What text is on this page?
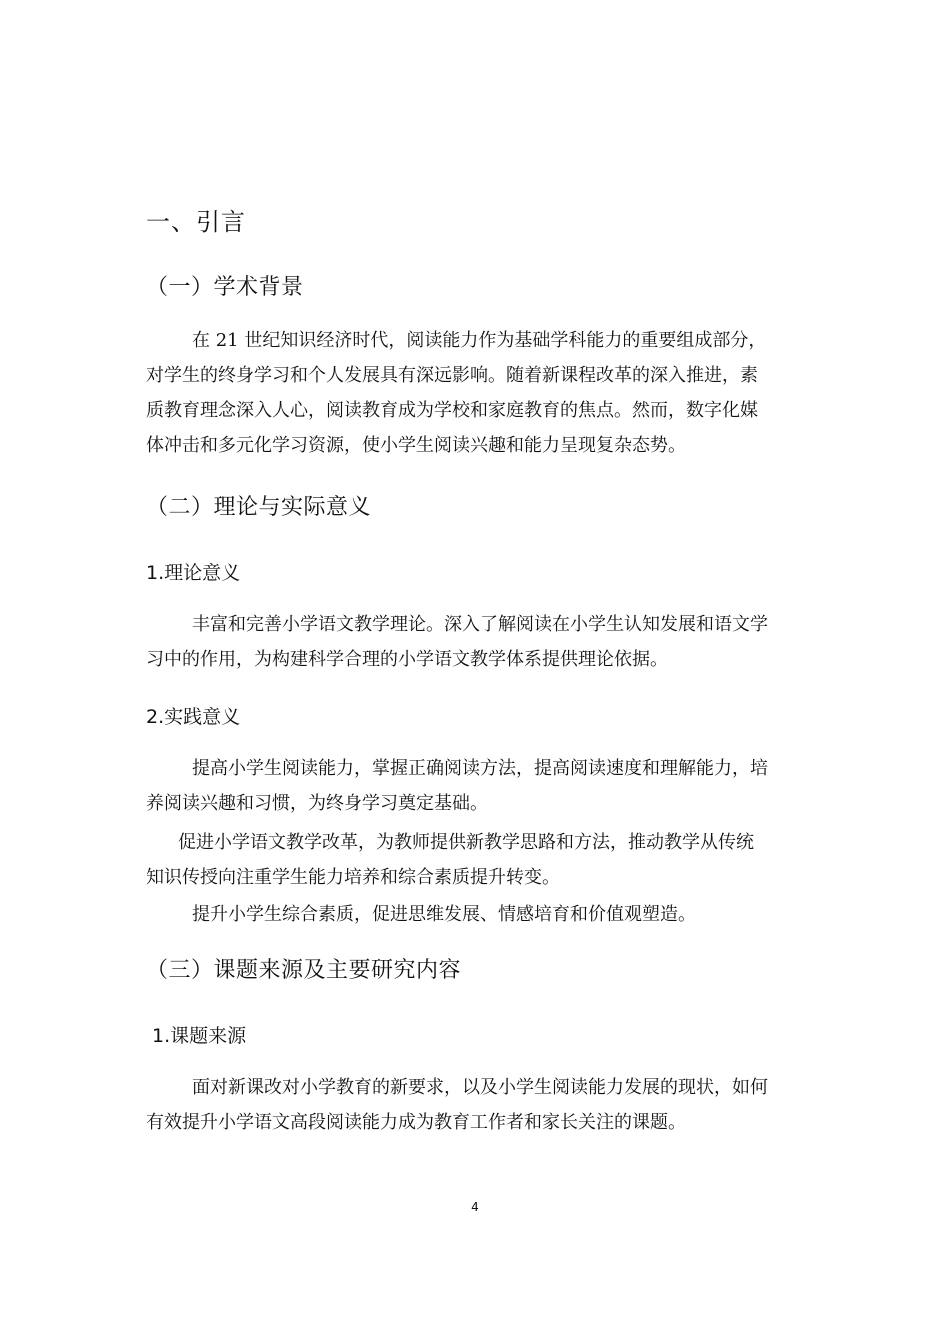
一、引言
（一）学术背景
在 21 世纪知识经济时代，阅读能力作为基础学科能力的重要组成部分，
对学生的终身学习和个人发展具有深远影响。随着新课程改革的深入推进，素
质教育理念深入人心，阅读教育成为学校和家庭教育的焦点。然而，数字化媒
体冲击和多元化学习资源，使小学生阅读兴趣和能力呈现复杂态势。
（二）理论与实际意义
1.理论意义
丰富和完善小学语文教学理论。深入了解阅读在小学生认知发展和语文学
习中的作用，为构建科学合理的小学语文教学体系提供理论依据。
2.实践意义
提高小学生阅读能力，掌握正确阅读方法，提高阅读速度和理解能力，培
养阅读兴趣和习惯，为终身学习奠定基础。
促进小学语文教学改革，为教师提供新教学思路和方法，推动教学从传统
知识传授向注重学生能力培养和综合素质提升转变。
提升小学生综合素质，促进思维发展、情感培育和价值观塑造。
（三）课题来源及主要研究内容
1.课题来源
面对新课改对小学教育的新要求，以及小学生阅读能力发展的现状，如何
有效提升小学语文高段阅读能力成为教育工作者和家长关注的课题。
4
